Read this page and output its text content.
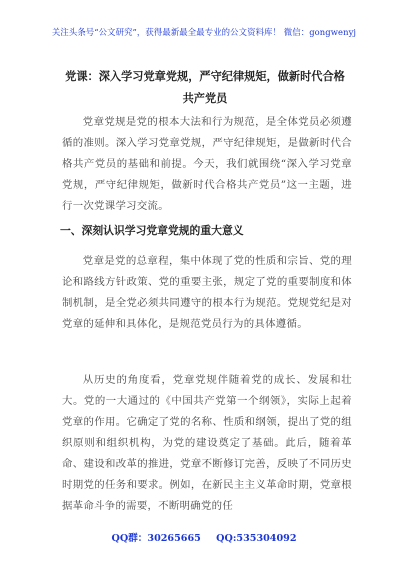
关注头条号“公文研究”，获得最新最全最专业的公文资料库！ 微信：gongwenyj
党课：深入学习党章党规，严守纪律规矩，做新时代合格
共产党员
党章党规是党的根本大法和行为规范，是全体党员必须遵循的准则。深入学习党章党规，严守纪律规矩，是做新时代合格共产党员的基础和前提。今天，我们就围绕“深入学习党章党规，严守纪律规矩，做新时代合格共产党员”这一主题，进行一次党课学习交流。
一、深刻认识学习党章党规的重大意义
党章是党的总章程，集中体现了党的性质和宗旨、党的理论和路线方针政策、党的重要主张，规定了党的重要制度和体制机制，是全党必须共同遵守的根本行为规范。党规党纪是对党章的延伸和具体化，是规范党员行为的具体遵循。
从历史的角度看，党章党规伴随着党的成长、发展和壮大。党的一大通过的《中国共产党第一个纲领》，实际上起着党章的作用。它确定了党的名称、性质和纲领，提出了党的组织原则和组织机构，为党的建设奠定了基础。此后，随着革命、建设和改革的推进，党章不断修订完善，反映了不同历史时期党的任务和要求。例如，在新民主主义革命时期，党章根据革命斗争的需要，不断明确党的任
QQ群：30265665 QQ:535304092
